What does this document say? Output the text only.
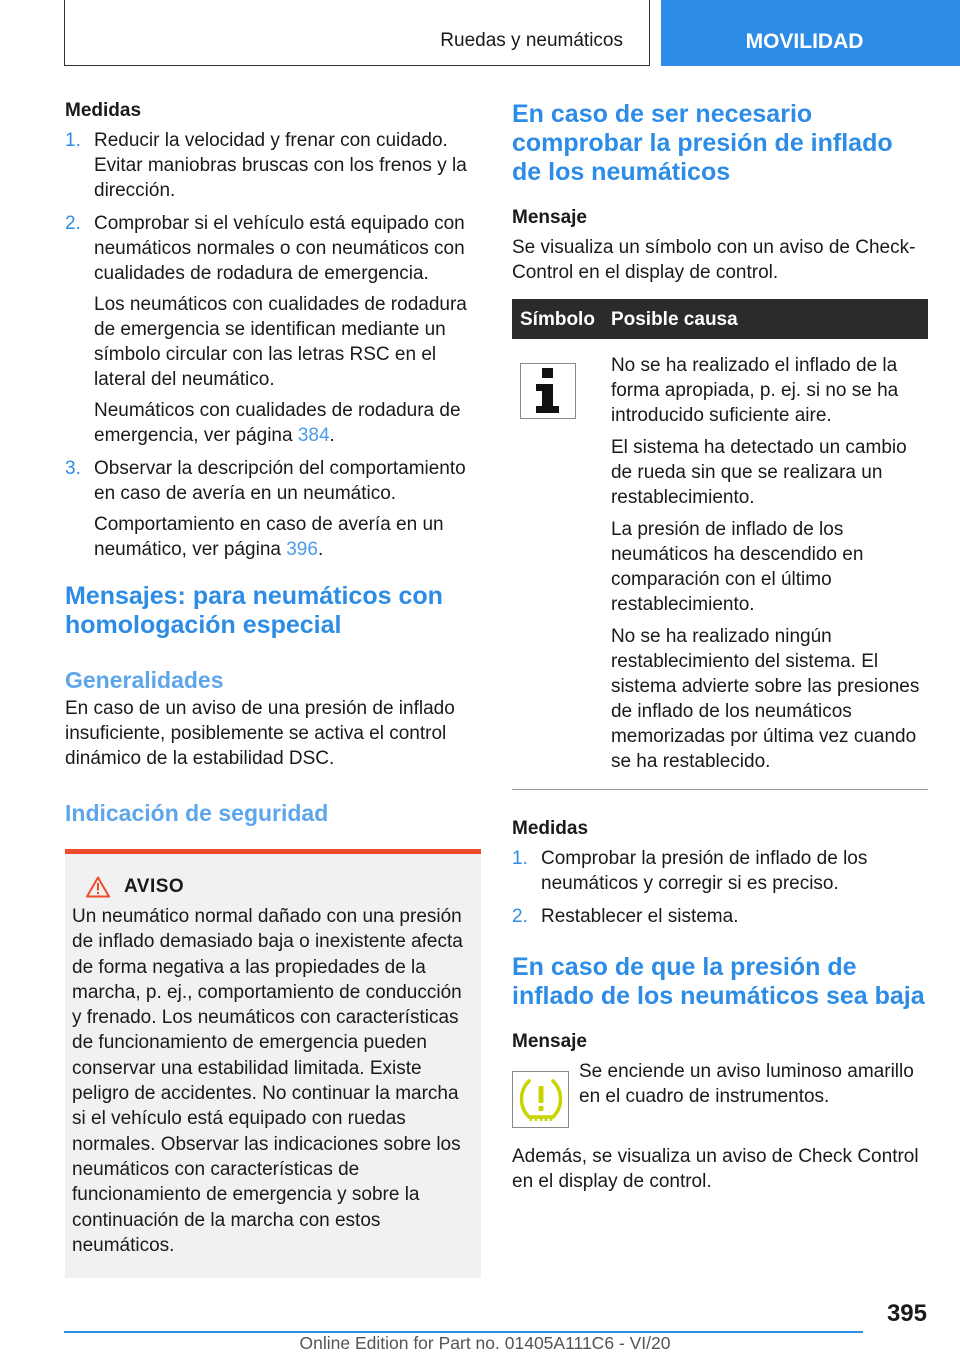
Ruedas y neumáticos	MOVILIDAD
Medidas
1. Reducir la velocidad y frenar con cuidado. Evitar maniobras bruscas con los frenos y la dirección.

2. Comprobar si el vehículo está equipado con neumáticos normales o con neumáticos con cualidades de rodadura de emergencia.

Los neumáticos con cualidades de rodadura de emergencia se identifican mediante un símbolo circular con las letras RSC en el lateral del neumático.

Neumáticos con cualidades de rodadura de emergencia, ver página 384.

3. Observar la descripción del comportamiento en caso de avería en un neumático.

Comportamiento en caso de avería en un neumático, ver página 396.

Mensajes: para neumáticos con homologación especial
Generalidades

En caso de un aviso de una presión de inflado insuficiente, posiblemente se activa el control dinámico de la estabilidad DSC.

Indicación de seguridad
AVISO

Un neumático normal dañado con una presión de inflado demasiado baja o inexistente afecta de forma negativa a las propiedades de la marcha, p. ej., comportamiento de conducción y frenado. Los neumáticos con características de funcionamiento de emergencia pueden conservar una estabilidad limitada. Existe peligro de accidentes. No continuar la marcha si el vehículo está equipado con ruedas normales. Observar las indicaciones sobre los neumáticos con características de funcionamiento de emergencia y sobre la continuación de la marcha con estos neumáticos.

En caso de ser necesario comprobar la presión de inflado de los neumáticos
Mensaje

Se visualiza un símbolo con un aviso de Check-Control en el display de control.

Símbolo	Posible causa

No se ha realizado el inflado de la forma apropiada, p. ej. si no se ha introducido suficiente aire.

El sistema ha detectado un cambio de rueda sin que se realizara un restablecimiento.

La presión de inflado de los neumáticos ha descendido en comparación con el último restablecimiento.

No se ha realizado ningún restablecimiento del sistema. El sistema advierte sobre las presiones de inflado de los neumáticos memorizadas por última vez cuando se ha restablecido.

Medidas
1. Comprobar la presión de inflado de los neumáticos y corregir si es preciso.

2. Restablecer el sistema.

En caso de que la presión de inflado de los neumáticos sea baja
Mensaje

Se enciende un aviso luminoso amarillo en el cuadro de instrumentos.

Además, se visualiza un aviso de Check Control en el display de control.

395
Online Edition for Part no. 01405A111C6 - VI/20
